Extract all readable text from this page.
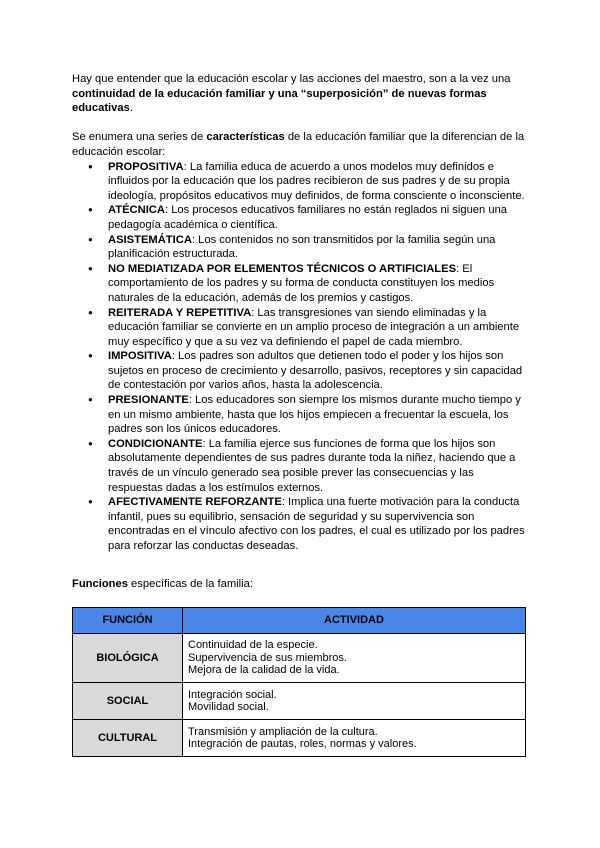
Hay que entender que la educación escolar y las acciones del maestro, son a la vez una continuidad de la educación familiar y una “superposición” de nuevas formas educativas.

Se enumera una series de características de la educación familiar que la diferencian de la educación escolar:

● PROPOSITIVA: La familia educa de acuerdo a unos modelos muy definidos e influidos por la educación que los padres recibieron de sus padres y de su propia ideología, propósitos educativos muy definidos, de forma consciente o inconsciente.
● ATÉCNICA: Los procesos educativos familiares no están reglados ni siguen una pedagogía académica o científica.
● ASISTEMÁTICA: Los contenidos no son transmitidos por la familia según una planificación estructurada.
● NO MEDIATIZADA POR ELEMENTOS TÉCNICOS O ARTIFICIALES: El comportamiento de los padres y su forma de conducta constituyen los medios naturales de la educación, además de los premios y castigos.
● REITERADA Y REPETITIVA: Las transgresiones van siendo eliminadas y la educación familiar se convierte en un amplio proceso de integración a un ambiente muy específico y que a su vez va definiendo el papel de cada miembro.
● IMPOSITIVA: Los padres son adultos que detienen todo el poder y los hijos son sujetos en proceso de crecimiento y desarrollo, pasivos, receptores y sin capacidad de contestación por varios años, hasta la adolescencia.
● PRESIONANTE: Los educadores son siempre los mismos durante mucho tiempo y en un mismo ambiente, hasta que los hijos empiecen a frecuentar la escuela, los padres son los únicos educadores.
● CONDICIONANTE: La familia ejerce sus funciones de forma que los hijos son absolutamente dependientes de sus padres durante toda la niñez, haciendo que a través de un vínculo generado sea posible prever las consecuencias y las respuestas dadas a los estímulos externos.
● AFECTIVAMENTE REFORZANTE: Implica una fuerte motivación para la conducta infantil, pues su equilibrio, sensación de seguridad y su supervivencia son encontradas en el vínculo afectivo con los padres, el cual es utilizado por los padres para reforzar las conductas deseadas.

Funciones específicas de la familia:

FUNCIÓN	ACTIVIDAD
BIOLÓGICA	Continuidad de la especie.
Supervivencia de sus miembros.
Mejora de la calidad de la vida.

SOCIAL	Integración social.
Movilidad social.

CULTURAL	Transmisión y ampliación de la cultura.
Integración de pautas, roles, normas y valores.
